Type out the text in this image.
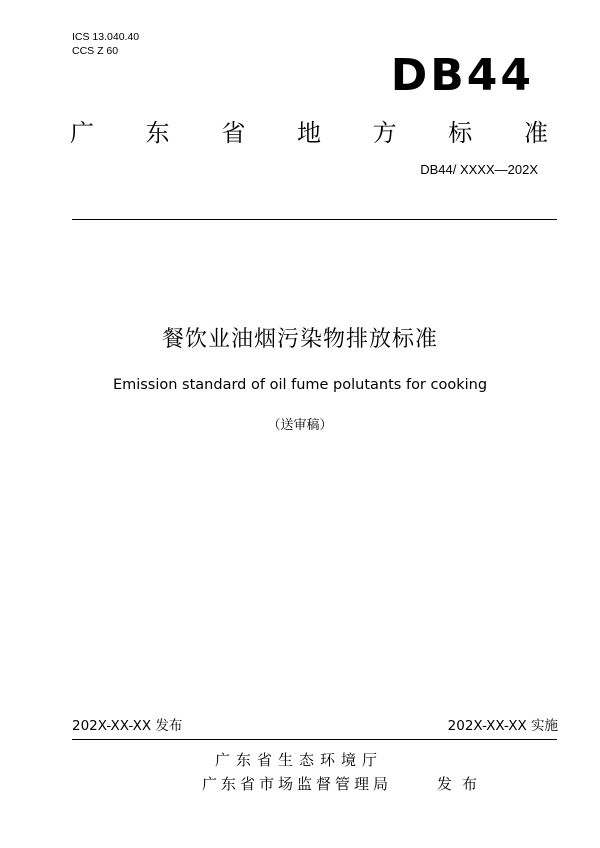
ICS 13.040.40
CCS Z 60	DB44
广 东 省 地 方 标 准
DB44/ XXXX—202X
餐饮业油烟污染物排放标准
Emission standard of oil fume polutants for cooking
（送审稿）
202X-XX-XX 发布	202X-XX-XX 实施
广东省生态环境厅
广东省市场监督管理局	发布
